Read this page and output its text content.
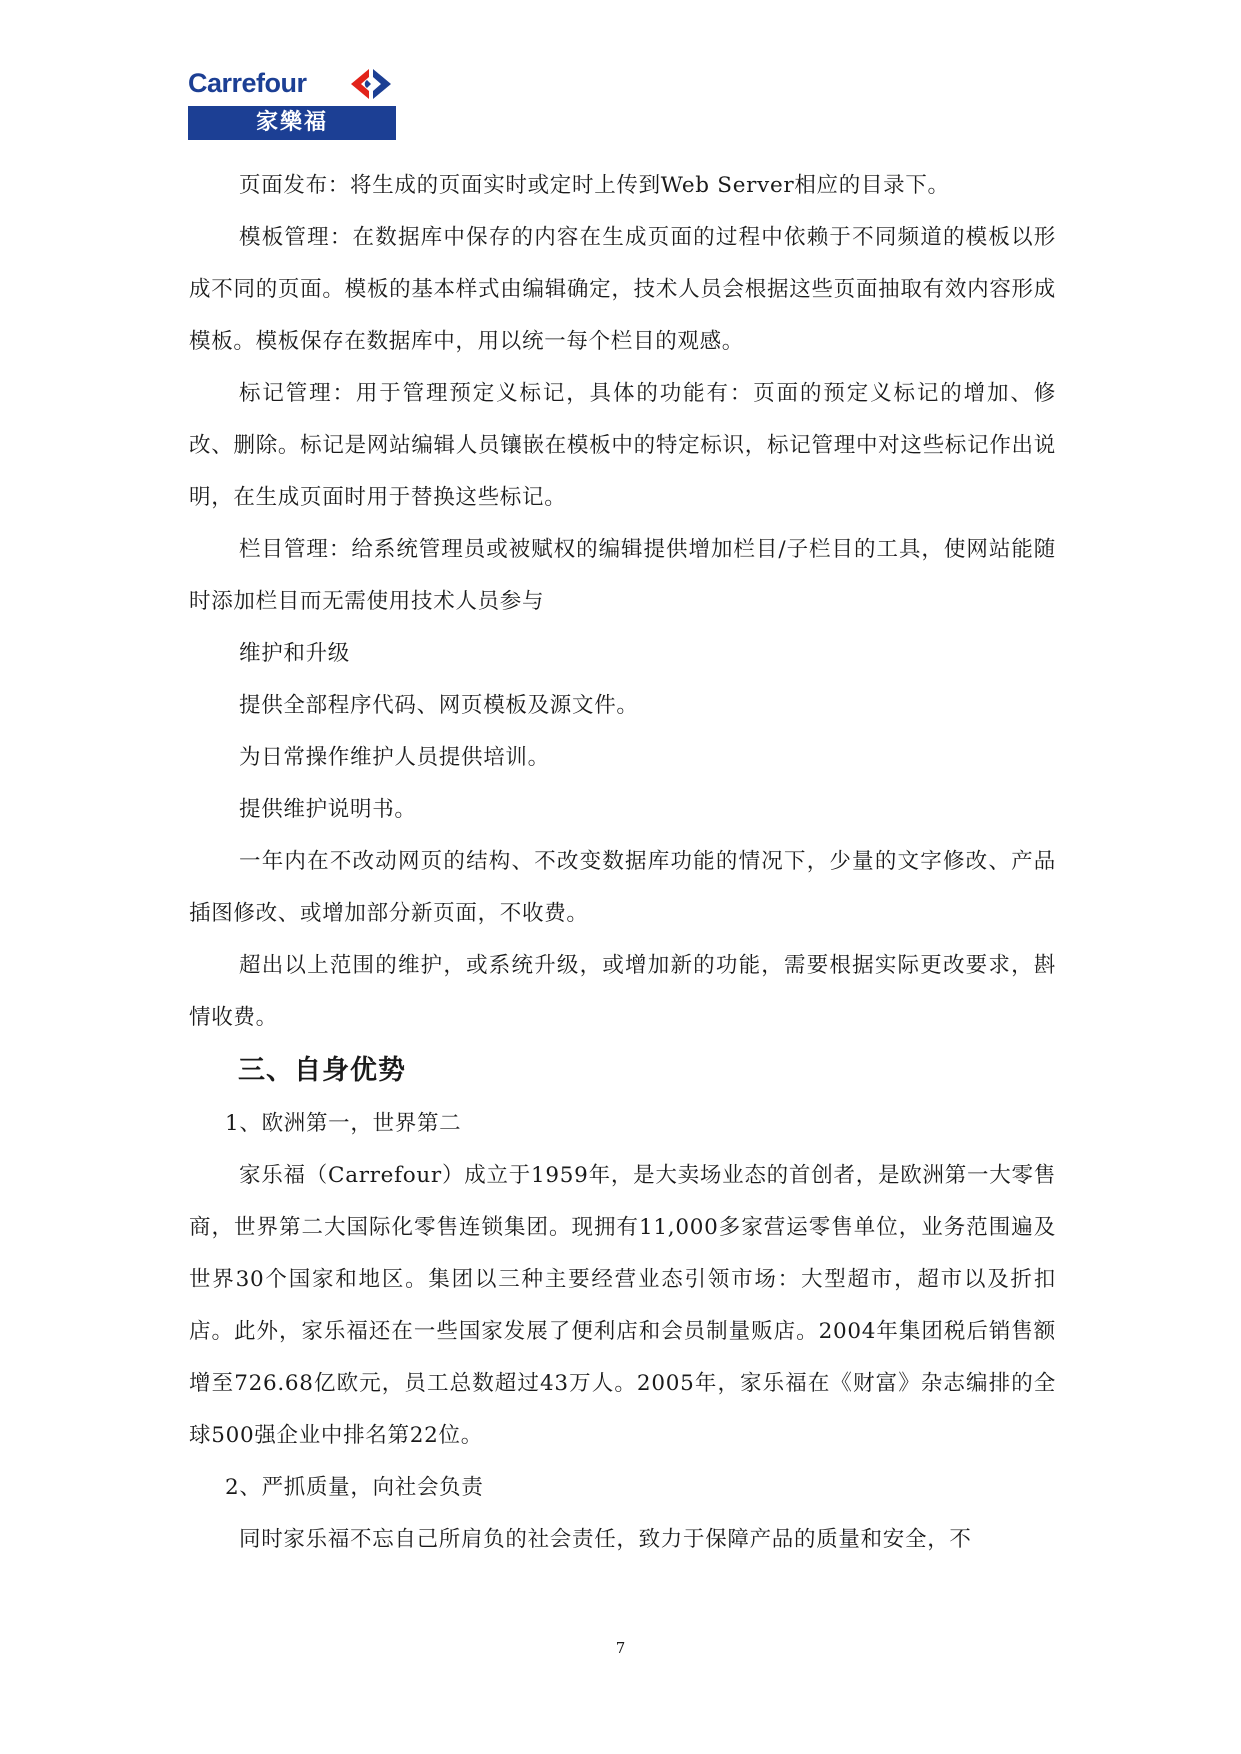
Carrefour
家樂福

页面发布：将生成的页面实时或定时上传到Web Server相应的目录下。

模板管理：在数据库中保存的内容在生成页面的过程中依赖于不同频道的模板以形成不同的页面。模板的基本样式由编辑确定，技术人员会根据这些页面抽取有效内容形成模板。模板保存在数据库中，用以统一每个栏目的观感。

标记管理：用于管理预定义标记，具体的功能有：页面的预定义标记的增加、修改、删除。标记是网站编辑人员镶嵌在模板中的特定标识，标记管理中对这些标记作出说明，在生成页面时用于替换这些标记。

栏目管理：给系统管理员或被赋权的编辑提供增加栏目/子栏目的工具，使网站能随时添加栏目而无需使用技术人员参与

维护和升级

提供全部程序代码、网页模板及源文件。

为日常操作维护人员提供培训。

提供维护说明书。

一年内在不改动网页的结构、不改变数据库功能的情况下，少量的文字修改、产品插图修改、或增加部分新页面，不收费。

超出以上范围的维护，或系统升级，或增加新的功能，需要根据实际更改要求，斟情收费。

三、自身优势

1、欧洲第一，世界第二

家乐福（Carrefour）成立于1959年，是大卖场业态的首创者，是欧洲第一大零售商，世界第二大国际化零售连锁集团。现拥有11,000多家营运零售单位，业务范围遍及世界30个国家和地区。集团以三种主要经营业态引领市场：大型超市，超市以及折扣店。此外，家乐福还在一些国家发展了便利店和会员制量贩店。2004年集团税后销售额增至726.68亿欧元，员工总数超过43万人。2005年，家乐福在《财富》杂志编排的全球500强企业中排名第22位。

2、严抓质量，向社会负责

同时家乐福不忘自己所肩负的社会责任，致力于保障产品的质量和安全，不

7
